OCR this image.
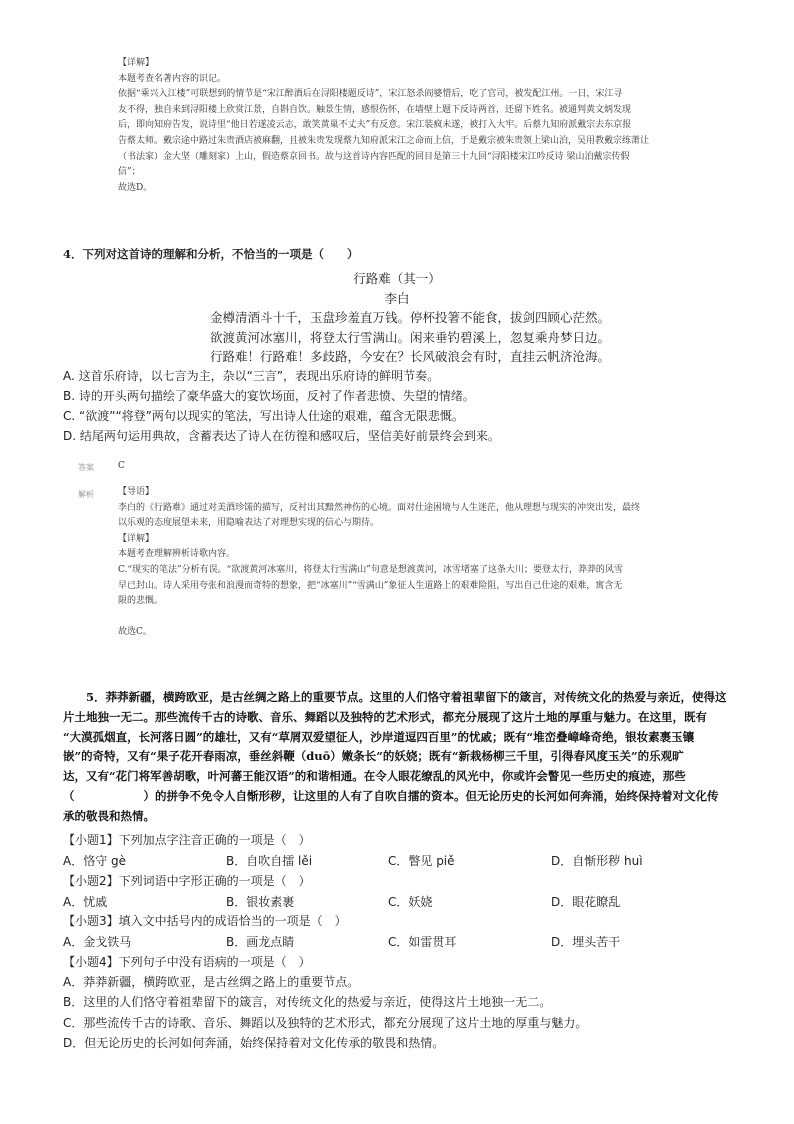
【详解】
本题考查名著内容的识记。
依据“乘兴入江楼”可联想到的情节是“宋江醉酒后在浔阳楼题反诗”，宋江怒杀阎婆惜后，吃了官司，被发配江州。一日，宋江寻
友不得，独自来到浔阳楼上欣赏江景，自斟自饮。触景生情，感恨伤怀，在墙壁上题下反诗两首，还留下姓名。被通判黄文炳发现
后，即向知府告发，说诗里“他日若遂凌云志，敢笑黄巢不丈夫”有反意。宋江装疯未遂，被打入大牢。后蔡九知府派戴宗去东京报
告蔡太师。戴宗途中路过朱贵酒店被麻翻，且被朱贵发现蔡九知府派宋江之命而上信，于是戴宗被朱贵领上梁山泊，吴用教戴宗练萧让
（书法家）金大坚（雕刻家）上山，假造蔡京回书。故与这首诗内容匹配的回目是第三十九回“浔阳楼宋江吟反诗 梁山泊戴宗传假
信”；
故选D。
4．下列对这首诗的理解和分析，不恰当的一项是（　　）
行路难（其一）
李白
金樽清酒斗十千，玉盘珍羞直万钱。停杯投箸不能食，拔剑四顾心茫然。
欲渡黄河冰塞川，将登太行雪满山。闲来垂钓碧溪上，忽复乘舟梦日边。
行路难！行路难！多歧路，今安在？长风破浪会有时，直挂云帆济沧海。
A. 这首乐府诗，以七言为主，杂以“三言”，表现出乐府诗的鲜明节奏。
B. 诗的开头两句描绘了豪华盛大的宴饮场面，反衬了作者悲愤、失望的情绪。
C. “欲渡”“将登”两句以现实的笔法，写出诗人仕途的艰难，蕴含无限悲慨。
D. 结尾两句运用典故，含蓄表达了诗人在彷徨和感叹后，坚信美好前景终会到来。
答案	C
解析	【导语】
李白的《行路难》通过对美酒珍馐的描写，反衬出其黯然神伤的心境。面对仕途困境与人生迷茫，他从理想与现实的冲突出发，最终
以乐观的态度展望未来，用隐喻表达了对理想实现的信心与期待。
【详解】
本题考查理解辨析诗歌内容。
C.“现实的笔法”分析有误。“欲渡黄河冰塞川，将登太行雪满山”句意是想渡黄河，冰雪堵塞了这条大川；要登太行，莽莽的风雪
早已封山。诗人采用夸张和浪漫而奇特的想象，把“冰塞川”“雪满山”象征人生道路上的艰难险阻，写出自己仕途的艰难，寓含无
限的悲慨。
故选C。
　　5．莽莽新疆，横跨欧亚，是古丝绸之路上的重要节点。这里的人们恪守着祖辈留下的箴言，对传统文化的热爱与亲近，使得这
片土地独一无二。那些流传千古的诗歌、音乐、舞蹈以及独特的艺术形式，都充分展现了这片土地的厚重与魅力。在这里，既有
“大漠孤烟直，长河落日圆”的雄壮，又有“草屑双爱望征人，沙岸道逗四百里”的忧戚；既有“堆峦叠嶂峰奇绝，银妆素裹玉镶
嵌”的奇特，又有“果子花开春雨凉，垂丝斜鞭（duō）嫩条长”的妖娆；既有“新栽杨柳三千里，引得春风度玉关”的乐观旷
达，又有“花门将军善胡歌，叶河蕃王能汉语”的和谐相通。在令人眼花缭乱的风光中，你或许会瞥见一些历史的痕迹，那些
（　　　　　　）的拼争不免令人自惭形秽，让这里的人有了自吹自擂的资本。但无论历史的长河如何奔涌，始终保持着对文化传
承的敬畏和热情。
【小题1】下列加点字注音正确的一项是（　）
A．恪守 gè	B．自吹自擂 lěi	C．瞥见 piě	D．自惭形秽 huì
【小题2】下列词语中字形正确的一项是（　）
A．忧戚	B．银妆素裹	C．妖娆	D．眼花瞭乱
【小题3】填入文中括号内的成语恰当的一项是（　）
A．金戈铁马	B．画龙点睛	C．如雷贯耳	D．埋头苦干
【小题4】下列句子中没有语病的一项是（　）
A．莽莽新疆，横跨欧亚，是古丝绸之路上的重要节点。
B．这里的人们恪守着祖辈留下的箴言，对传统文化的热爱与亲近，使得这片土地独一无二。
C．那些流传千古的诗歌、音乐、舞蹈以及独特的艺术形式，都充分展现了这片土地的厚重与魅力。
D．但无论历史的长河如何奔涌，始终保持着对文化传承的敬畏和热情。
